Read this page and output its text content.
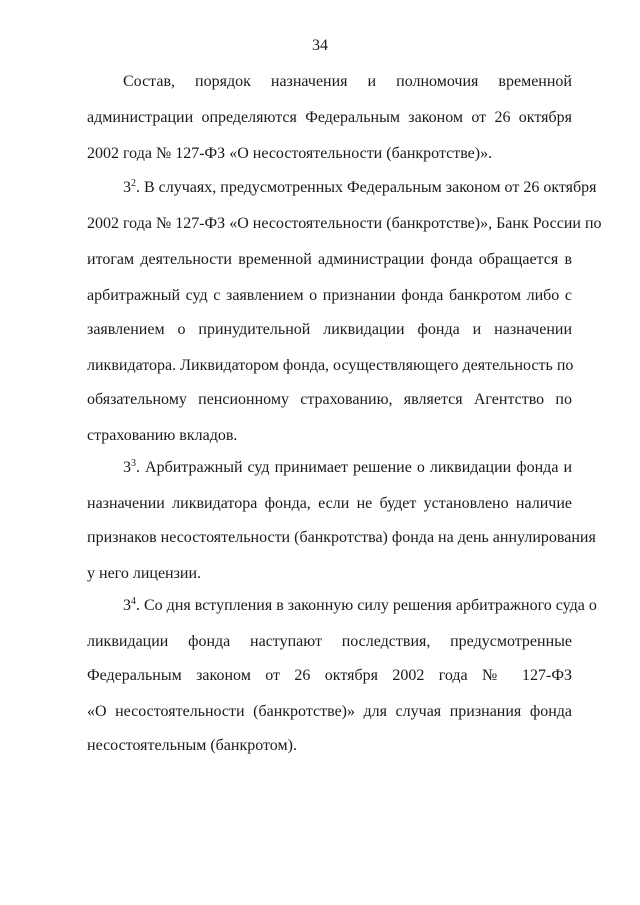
34
Состав, порядок назначения и полномочия временной
администрации определяются Федеральным законом от 26 октября
2002 года № 127-ФЗ «О несостоятельности (банкротстве)».
$3^2$. В случаях, предусмотренных Федеральным законом от 26 октября
2002 года № 127-ФЗ «О несостоятельности (банкротстве)», Банк России по
итогам деятельности временной администрации фонда обращается в
арбитражный суд с заявлением о признании фонда банкротом либо с
заявлением о принудительной ликвидации фонда и назначении
ликвидатора. Ликвидатором фонда, осуществляющего деятельность по
обязательному пенсионному страхованию, является Агентство по
страхованию вкладов.
$3^3$. Арбитражный суд принимает решение о ликвидации фонда и
назначении ликвидатора фонда, если не будет установлено наличие
признаков несостоятельности (банкротства) фонда на день аннулирования
у него лицензии.
$3^4$. Со дня вступления в законную силу решения арбитражного суда о
ликвидации фонда наступают последствия, предусмотренные
Федеральным законом от 26 октября 2002 года № 127-ФЗ
«О несостоятельности (банкротстве)» для случая признания фонда
несостоятельным (банкротом).
